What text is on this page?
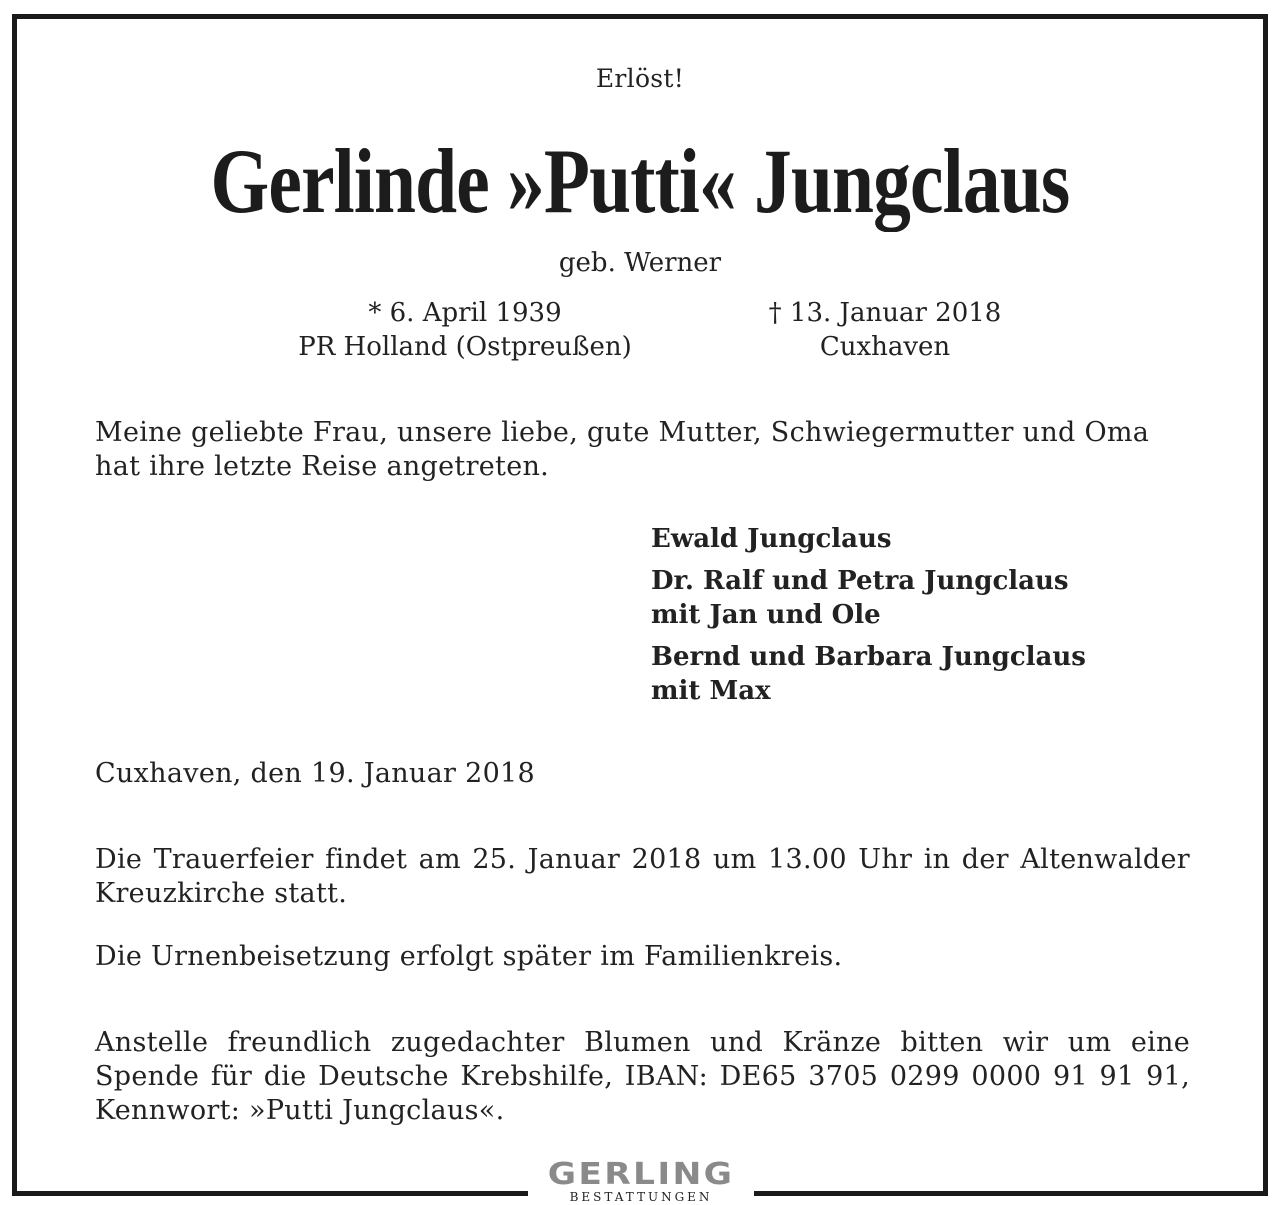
Erlöst!
Gerlinde »Putti« Jungclaus
geb. Werner
* 6. April 1939
PR Holland (Ostpreußen)
† 13. Januar 2018
Cuxhaven
Meine geliebte Frau, unsere liebe, gute Mutter, Schwiegermutter und Oma hat ihre letzte Reise angetreten.
Ewald Jungclaus
Dr. Ralf und Petra Jungclaus
mit Jan und Ole
Bernd und Barbara Jungclaus
mit Max
Cuxhaven, den 19. Januar 2018
Die Trauerfeier findet am 25. Januar 2018 um 13.00 Uhr in der Altenwalder Kreuzkirche statt.
Die Urnenbeisetzung erfolgt später im Familienkreis.
Anstelle freundlich zugedachter Blumen und Kränze bitten wir um eine Spende für die Deutsche Krebshilfe, IBAN: DE65 3705 0299 0000 91 91 91, Kennwort: »Putti Jungclaus«.
GERLING
BESTATTUNGEN
